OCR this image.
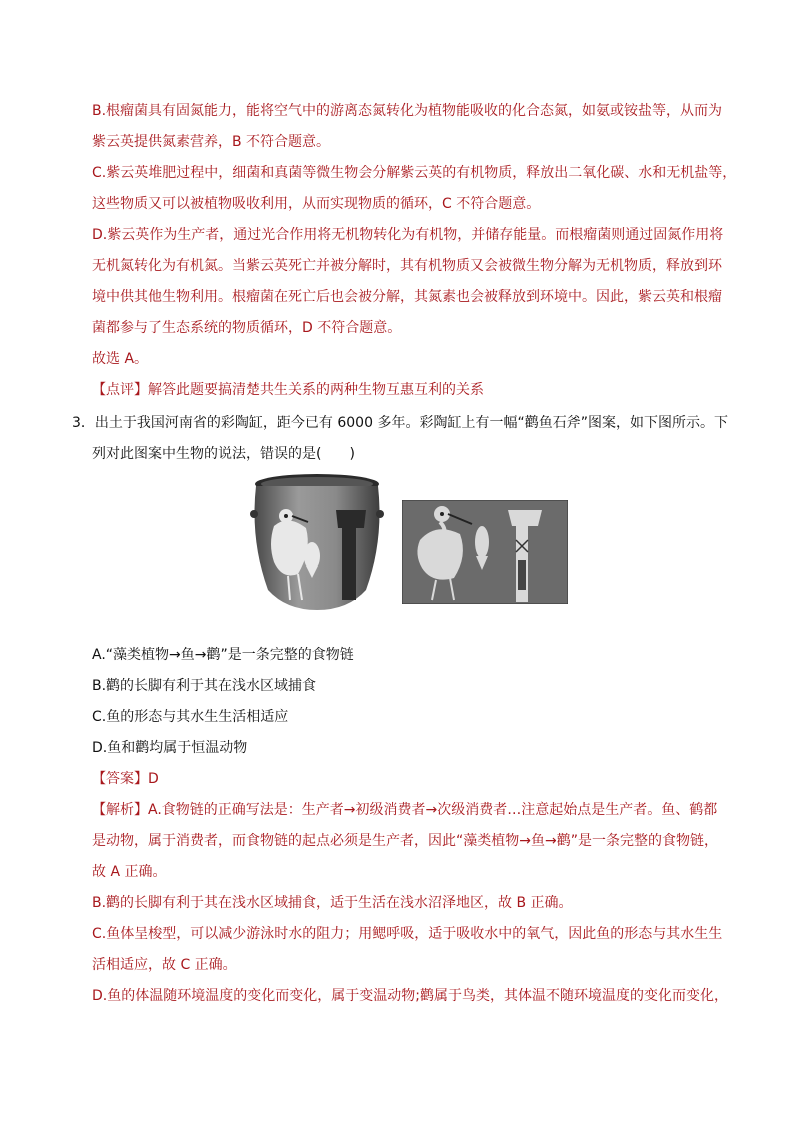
B.根瘤菌具有固氮能力，能将空气中的游离态氮转化为植物能吸收的化合态氮，如氨或铵盐等，从而为
紫云英提供氮素营养，B 不符合题意。
C.紫云英堆肥过程中，细菌和真菌等微生物会分解紫云英的有机物质，释放出二氧化碳、水和无机盐等，
这些物质又可以被植物吸收利用，从而实现物质的循环，C 不符合题意。
D.紫云英作为生产者，通过光合作用将无机物转化为有机物，并储存能量。而根瘤菌则通过固氮作用将
无机氮转化为有机氮。当紫云英死亡并被分解时，其有机物质又会被微生物分解为无机物质，释放到环
境中供其他生物利用。根瘤菌在死亡后也会被分解，其氮素也会被释放到环境中。因此，紫云英和根瘤
菌都参与了生态系统的物质循环，D 不符合题意。
故选 A。
【点评】解答此题要搞清楚共生关系的两种生物互惠互利的关系
3．出土于我国河南省的彩陶缸，距今已有 6000 多年。彩陶缸上有一幅“鹳鱼石斧”图案，如下图所示。下
列对此图案中生物的说法，错误的是(　　)
A.“藻类植物→鱼→鹳”是一条完整的食物链
B.鹳的长脚有利于其在浅水区域捕食
C.鱼的形态与其水生生活相适应
D.鱼和鹳均属于恒温动物
【答案】D
【解析】A.食物链的正确写法是：生产者→初级消费者→次级消费者…注意起始点是生产者。鱼、鹤都
是动物，属于消费者，而食物链的起点必须是生产者，因此“藻类植物→鱼→鹳”是一条完整的食物链，
故 A 正确。
B.鹳的长脚有利于其在浅水区域捕食，适于生活在浅水沼泽地区，故 B 正确。
C.鱼体呈梭型，可以减少游泳时水的阻力；用鳃呼吸，适于吸收水中的氧气，因此鱼的形态与其水生生
活相适应，故 C 正确。
D.鱼的体温随环境温度的变化而变化，属于变温动物;鹳属于鸟类，其体温不随环境温度的变化而变化，
